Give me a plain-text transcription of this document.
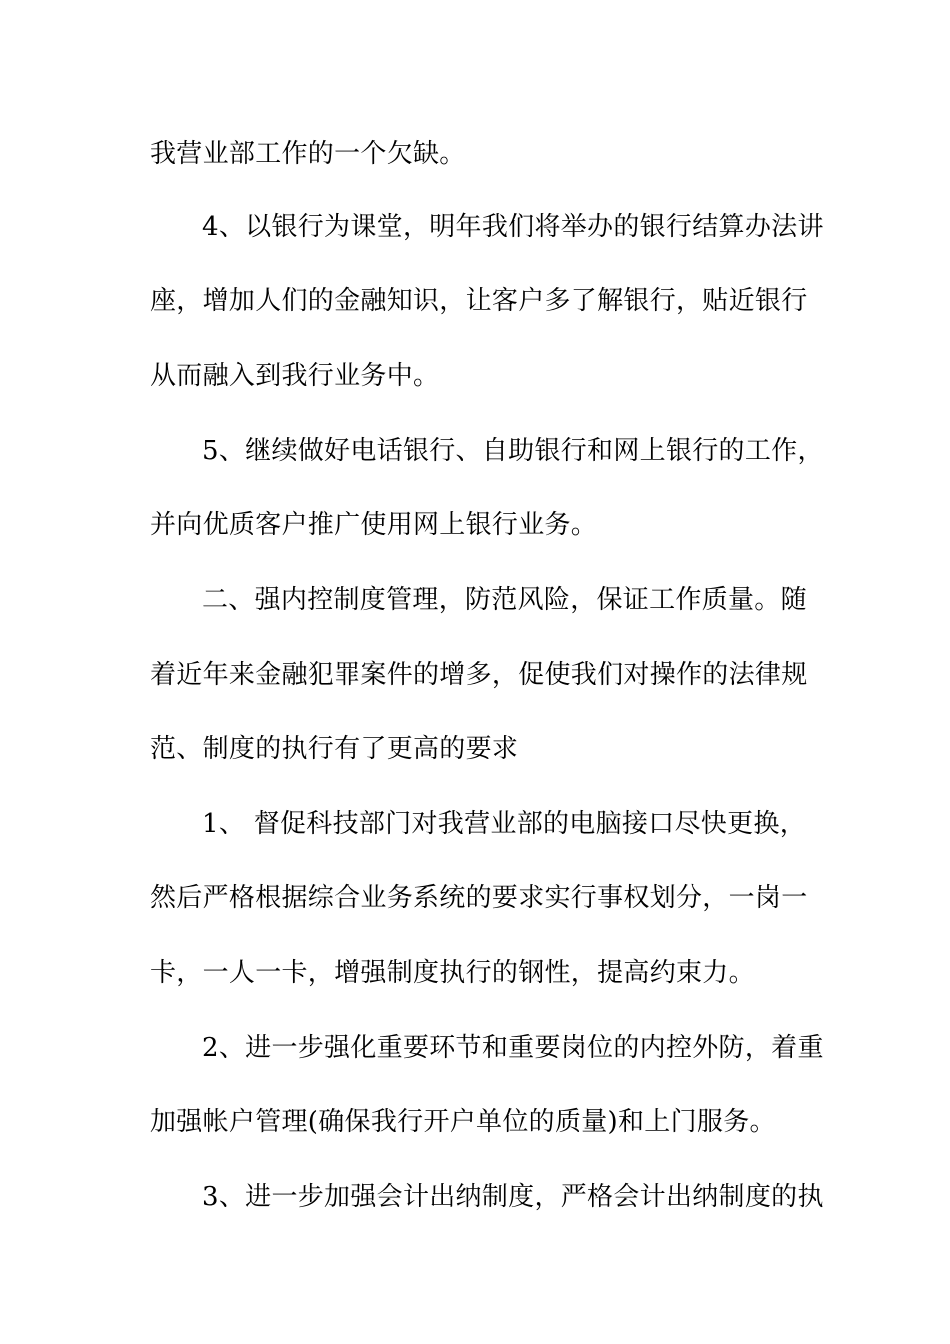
我营业部工作的一个欠缺。
4、以银行为课堂，明年我们将举办的银行结算办法讲
座，增加人们的金融知识，让客户多了解银行，贴近银行
从而融入到我行业务中。
5、继续做好电话银行、自助银行和网上银行的工作，
并向优质客户推广使用网上银行业务。
二、强内控制度管理，防范风险，保证工作质量。随
着近年来金融犯罪案件的增多，促使我们对操作的法律规
范、制度的执行有了更高的要求
1、 督促科技部门对我营业部的电脑接口尽快更换，
然后严格根据综合业务系统的要求实行事权划分，一岗一
卡，一人一卡，增强制度执行的钢性，提高约束力。
2、进一步强化重要环节和重要岗位的内控外防，着重
加强帐户管理(确保我行开户单位的质量)和上门服务。
3、进一步加强会计出纳制度，严格会计出纳制度的执
